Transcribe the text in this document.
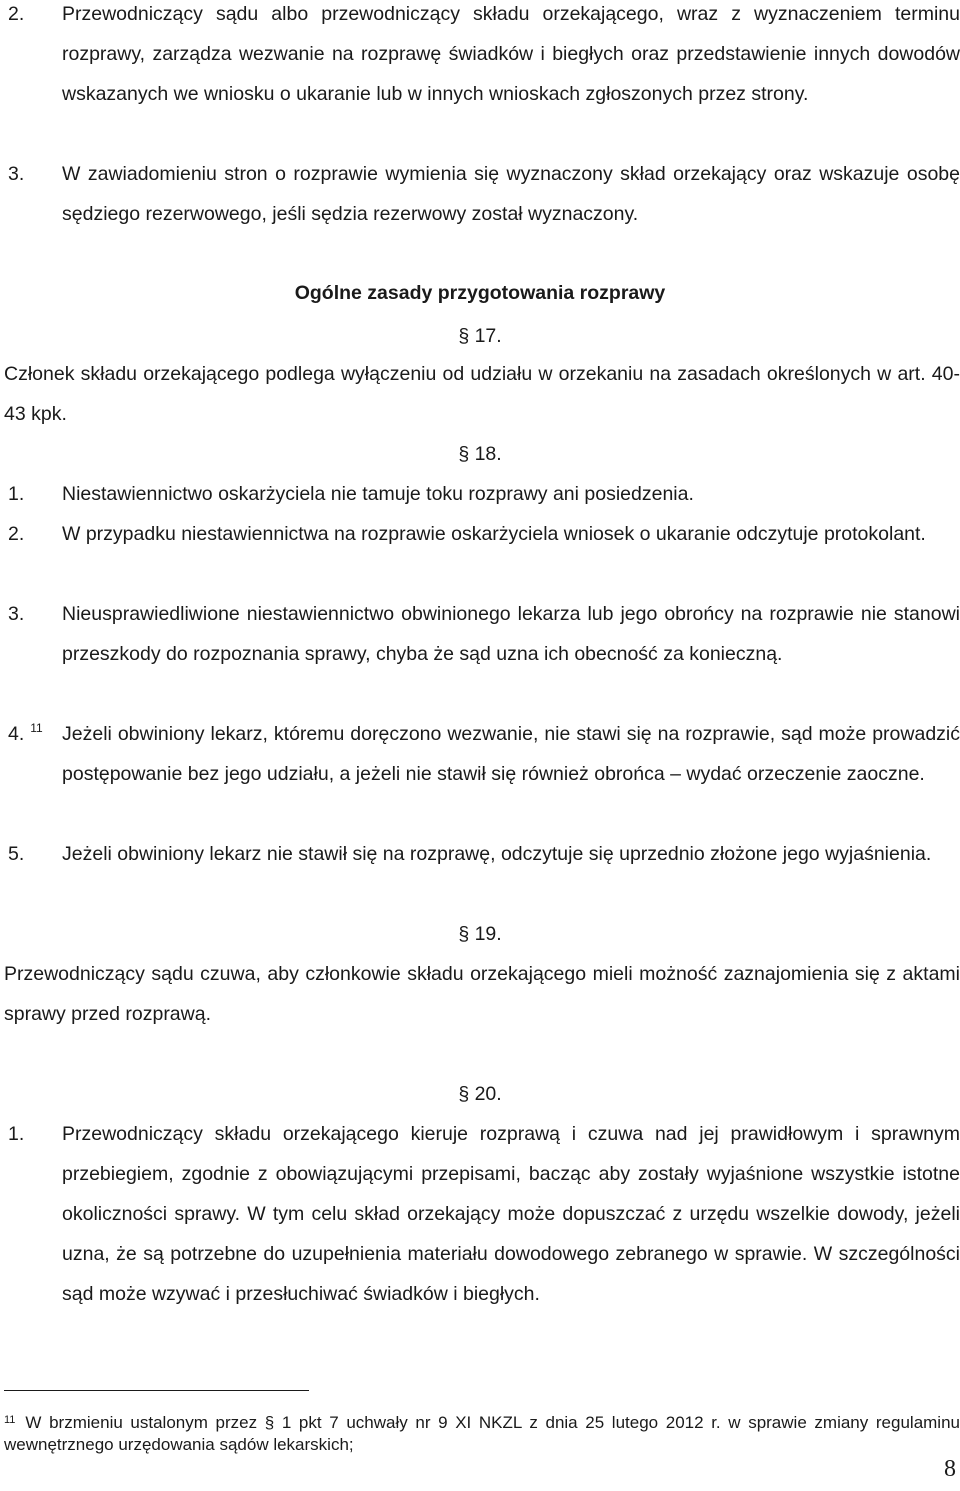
2. Przewodniczący sądu albo przewodniczący składu orzekającego, wraz z wyznaczeniem terminu rozprawy, zarządza wezwanie na rozprawę świadków i biegłych oraz przedstawienie innych dowodów wskazanych we wniosku o ukaranie lub w innych wnioskach zgłoszonych przez strony.
3. W zawiadomieniu stron o rozprawie wymienia się wyznaczony skład orzekający oraz wskazuje osobę sędziego rezerwowego, jeśli sędzia rezerwowy został wyznaczony.
Ogólne zasady przygotowania rozprawy
§ 17.
Członek składu orzekającego podlega wyłączeniu od udziału w orzekaniu na zasadach określonych w art. 40-43 kpk.
§ 18.
1. Niestawiennictwo oskarżyciela nie tamuje toku rozprawy ani posiedzenia.
2. W przypadku niestawiennictwa na rozprawie oskarżyciela wniosek o ukaranie odczytuje protokolant.
3. Nieusprawiedliwione niestawiennictwo obwinionego lekarza lub jego obrońcy na rozprawie nie stanowi przeszkody do rozpoznania sprawy, chyba że sąd uzna ich obecność za konieczną.
4. $^{11}$ Jeżeli obwiniony lekarz, któremu doręczono wezwanie, nie stawi się na rozprawie, sąd może prowadzić postępowanie bez jego udziału, a jeżeli nie stawił się również obrońca – wydać orzeczenie zaoczne.
5. Jeżeli obwiniony lekarz nie stawił się na rozprawę, odczytuje się uprzednio złożone jego wyjaśnienia.
§ 19.
Przewodniczący sądu czuwa, aby członkowie składu orzekającego mieli możność zaznajomienia się z aktami sprawy przed rozprawą.
§ 20.
1. Przewodniczący składu orzekającego kieruje rozprawą i czuwa nad jej prawidłowym i sprawnym przebiegiem, zgodnie z obowiązującymi przepisami, bacząc aby zostały wyjaśnione wszystkie istotne okoliczności sprawy. W tym celu skład orzekający może dopuszczać z urzędu wszelkie dowody, jeżeli uzna, że są potrzebne do uzupełnienia materiału dowodowego zebranego w sprawie. W szczególności sąd może wzywać i przesłuchiwać świadków i biegłych.
$^{11}$ W brzmieniu ustalonym przez § 1 pkt 7 uchwały nr 9 XI NKZL z dnia 25 lutego 2012 r. w sprawie zmiany regulaminu wewnętrznego urzędowania sądów lekarskich;
8
